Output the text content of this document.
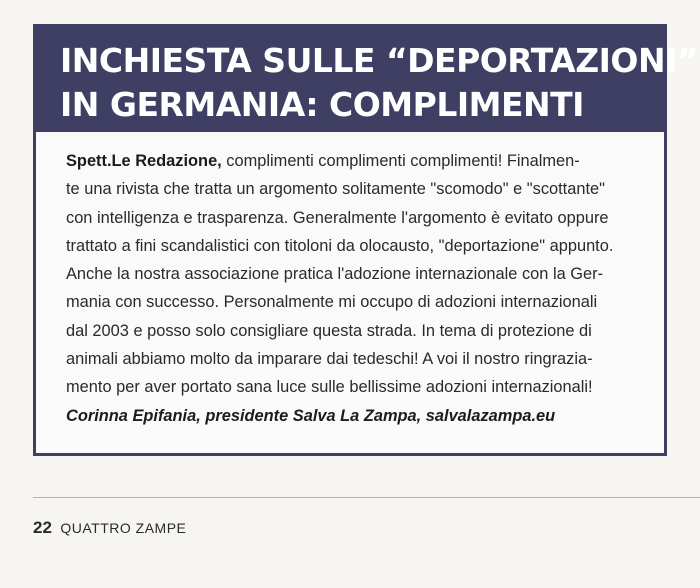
INCHIESTA SULLE “DEPORTAZIONI”
IN GERMANIA: COMPLIMENTI
Spett.Le Redazione, complimenti complimenti complimenti! Finalmen-
te una rivista che tratta un argomento solitamente "scomodo" e "scottante"
con intelligenza e trasparenza. Generalmente l'argomento è evitato oppure
trattato a fini scandalistici con titoloni da olocausto, "deportazione" appunto.
Anche la nostra associazione pratica l'adozione internazionale con la Ger-
mania con successo. Personalmente mi occupo di adozioni internazionali
dal 2003 e posso solo consigliare questa strada. In tema di protezione di
animali abbiamo molto da imparare dai tedeschi! A voi il nostro ringrazia-
mento per aver portato sana luce sulle bellissime adozioni internazionali!
Corinna Epifania, presidente Salva La Zampa, salvalazampa.eu
22 QUATTRO ZAMPE
